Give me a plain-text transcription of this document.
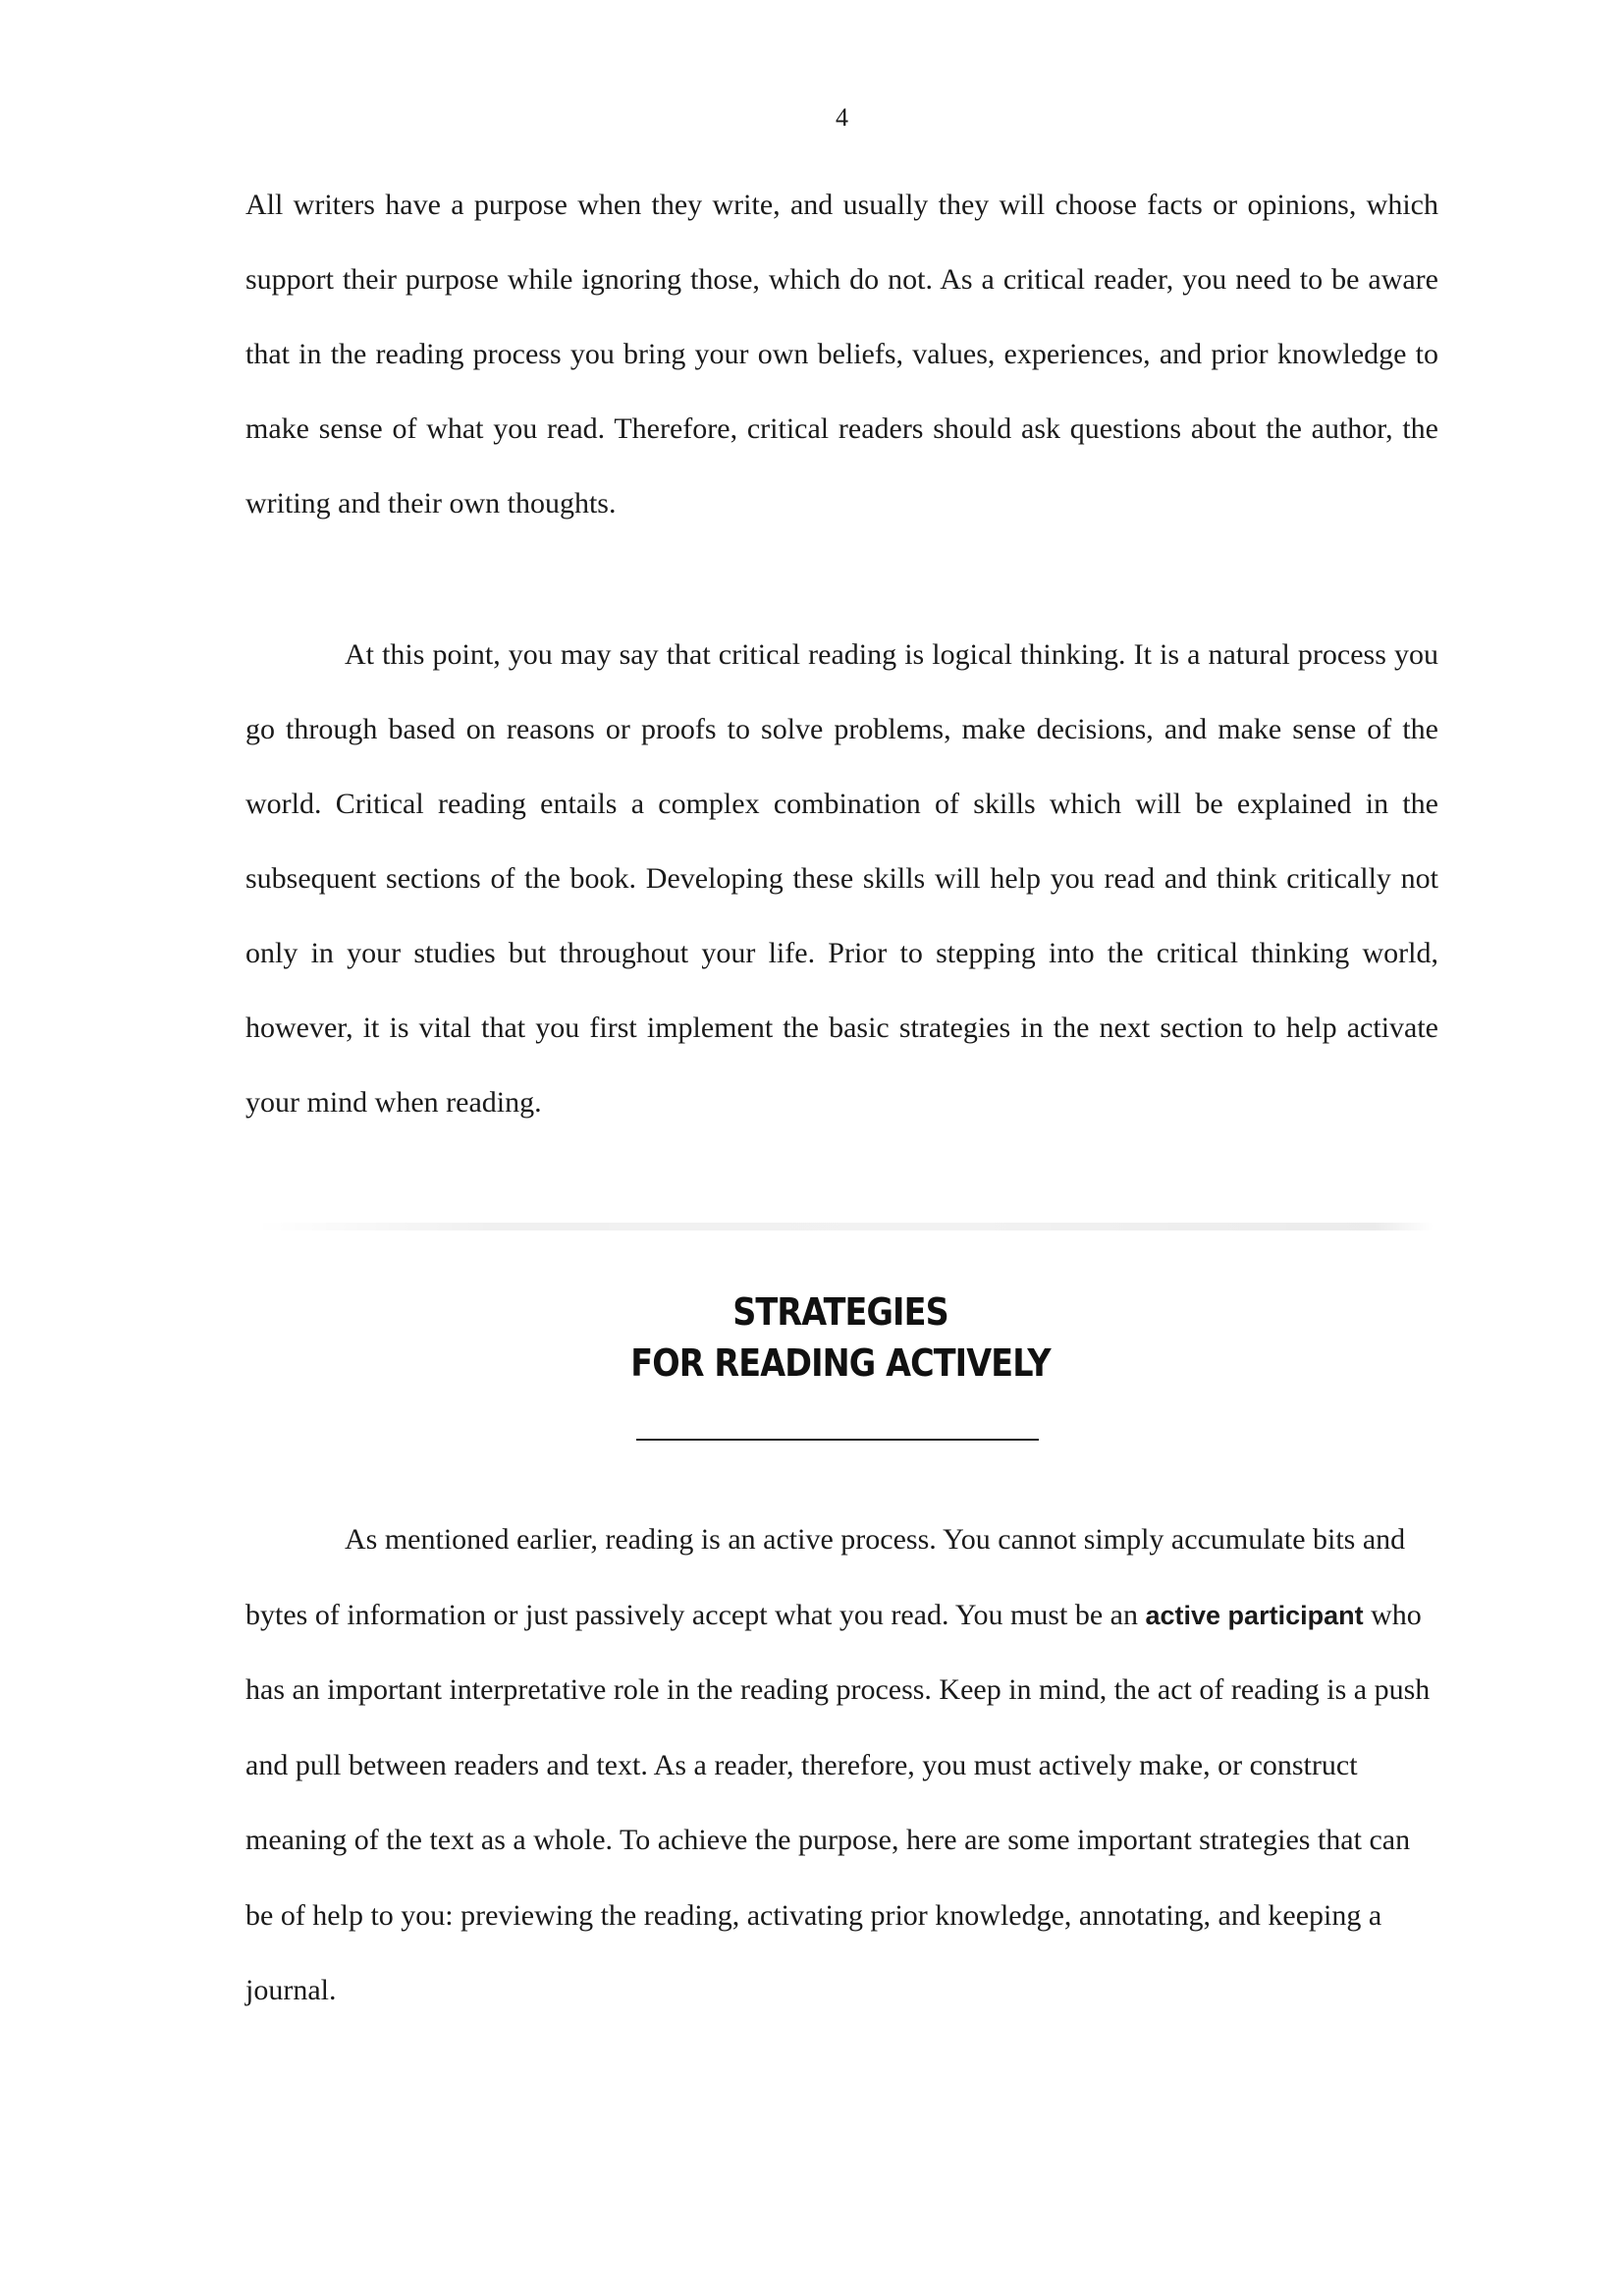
4

All writers have a purpose when they write, and usually they will choose facts or opinions, which support their purpose while ignoring those, which do not. As a critical reader, you need to be aware that in the reading process you bring your own beliefs, values, experiences, and prior knowledge to make sense of what you read. Therefore, critical readers should ask questions about the author, the writing and their own thoughts.

At this point, you may say that critical reading is logical thinking. It is a natural process you go through based on reasons or proofs to solve problems, make decisions, and make sense of the world. Critical reading entails a complex combination of skills which will be explained in the subsequent sections of the book. Developing these skills will help you read and think critically not only in your studies but throughout your life. Prior to stepping into the critical thinking world, however, it is vital that you first implement the basic strategies in the next section to help activate your mind when reading.

STRATEGIES
FOR READING ACTIVELY

As mentioned earlier, reading is an active process. You cannot simply accumulate bits and bytes of information or just passively accept what you read. You must be an active participant who has an important interpretative role in the reading process. Keep in mind, the act of reading is a push and pull between readers and text. As a reader, therefore, you must actively make, or construct meaning of the text as a whole. To achieve the purpose, here are some important strategies that can be of help to you: previewing the reading, activating prior knowledge, annotating, and keeping a journal.
